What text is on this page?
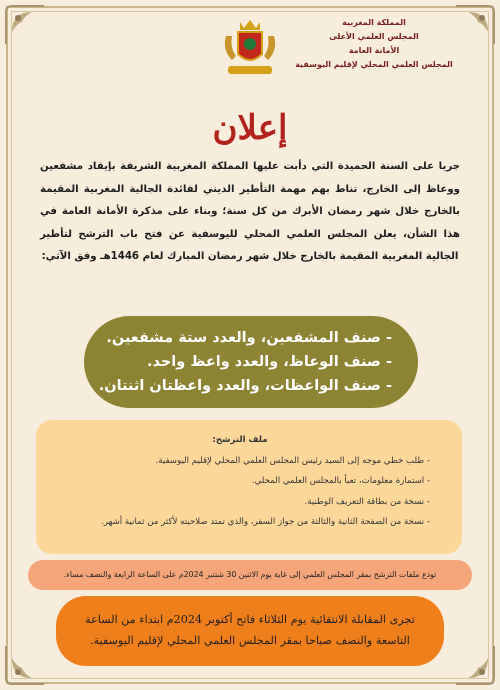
المملكة المغربية
المجلس العلمي الأعلى
الأمانة العامة
المجلس العلمي المحلي لإقليم اليوسفية
إعلان
جريا على السنة الحميدة التي دأبت عليها المملكة المغربية الشريفة بإيفاد مشفعين ووعاظ إلى الخارج، تناط بهم مهمة التأطير الديني لفائدة الجالية المغربية المقيمة بالخارج خلال شهر رمضان الأبرك من كل سنة؛ وبناء على مذكرة الأمانة العامة في هذا الشأن، يعلن المجلس العلمي المحلي لليوسفية عن فتح باب الترشح لتأطير الجالية المغربية المقيمة بالخارج خلال شهر رمضان المبارك لعام 1446هـ وفق الآتي:
- صنف المشفعين، والعدد ستة مشفعين.
- صنف الوعاظ، والعدد واعظ واحد.
- صنف الواعظات، والعدد واعظتان اثنتان.
ملف الترشح:
- طلب خطي موجه إلى السيد رئيس المجلس العلمي المحلي لإقليم اليوسفية.
- استمارة معلومات، تعبأ بالمجلس العلمي المحلي.
- نسخة من بطاقة التعريف الوطنية.
- نسخة من الصفحة الثانية والثالثة من جواز السفر، والذي تمتد صلاحيته لأكثر من ثمانية أشهر.
تودع ملفات الترشح بمقر المجلس العلمي إلى غاية يوم الاثنين 30 شتنبر 2024م على الساعة الرابعة والنصف مساء.
تجرى المقابلة الانتقائية يوم الثلاثاء فاتح أكتوبر 2024م ابتداء من الساعة
التاسعة والنصف صباحا بمقر المجلس العلمي المحلي لإقليم اليوسفية.
